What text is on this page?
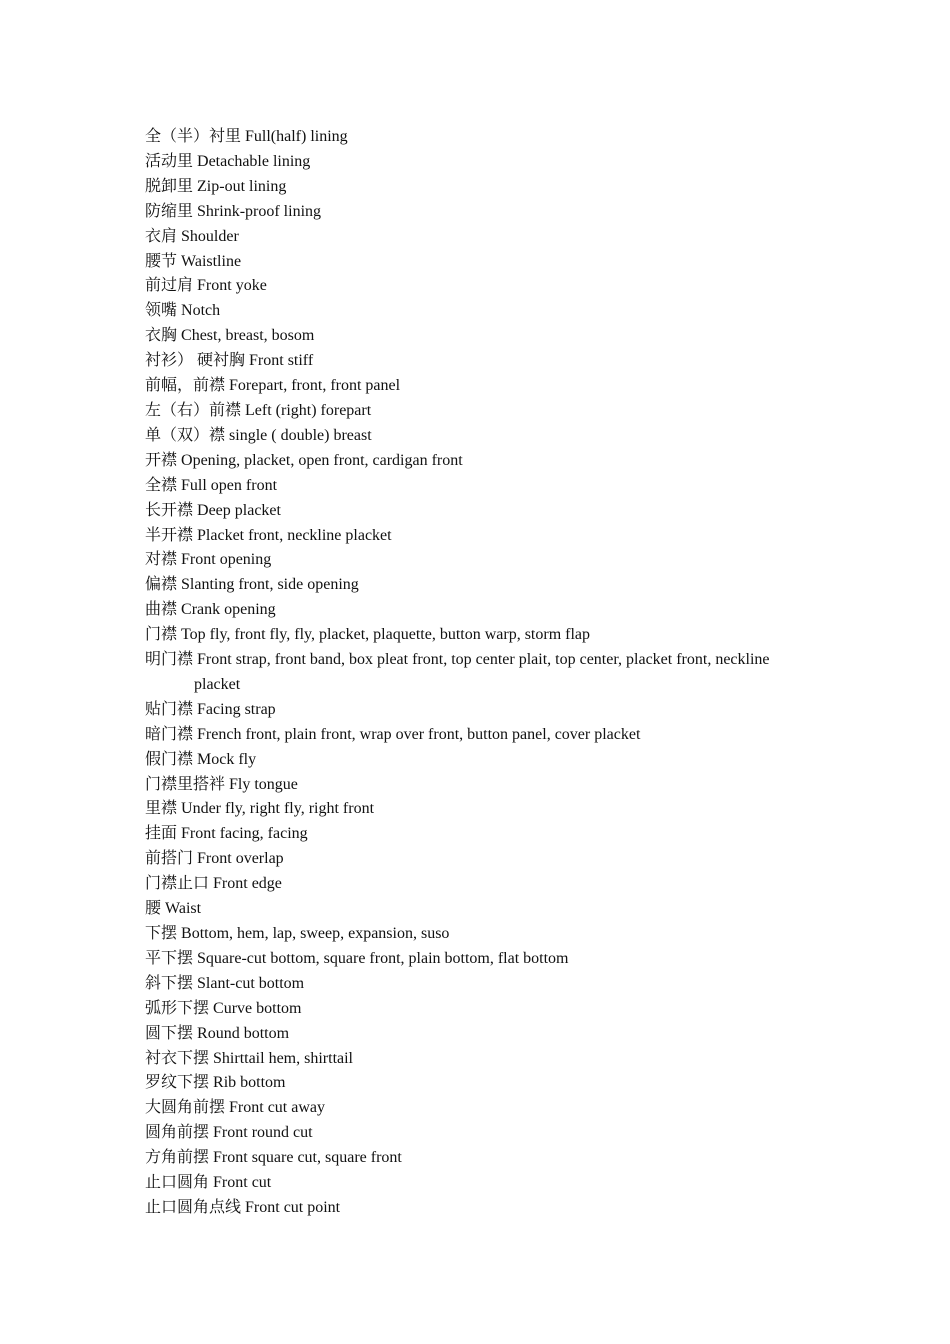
全（半）衬里 Full(half) lining
活动里 Detachable lining
脱卸里 Zip-out lining
防缩里 Shrink-proof lining
衣肩 Shoulder
腰节 Waistline
前过肩 Front yoke
领嘴 Notch
衣胸 Chest, breast, bosom
衬衫） 硬衬胸 Front stiff
前幅，前襟 Forepart, front, front panel
左（右）前襟 Left (right) forepart
单（双）襟 single ( double) breast
开襟 Opening, placket, open front, cardigan front
全襟 Full open front
长开襟 Deep placket
半开襟 Placket front, neckline placket
对襟 Front opening
偏襟 Slanting front, side opening
曲襟 Crank opening
门襟 Top fly, front fly, fly, placket, plaquette, button warp, storm flap
明门襟 Front strap, front band, box pleat front, top center plait, top center, placket front, neckline placket
贴门襟 Facing strap
暗门襟 French front, plain front, wrap over front, button panel, cover placket
假门襟 Mock fly
门襟里搭袢 Fly tongue
里襟 Under fly, right fly, right front
挂面 Front facing, facing
前搭门 Front overlap
门襟止口 Front edge
腰 Waist
下摆 Bottom, hem, lap, sweep, expansion, suso
平下摆 Square-cut bottom, square front, plain bottom, flat bottom
斜下摆 Slant-cut bottom
弧形下摆 Curve bottom
圆下摆 Round bottom
衬衣下摆 Shirttail hem, shirttail
罗纹下摆 Rib bottom
大圆角前摆 Front cut away
圆角前摆 Front round cut
方角前摆 Front square cut, square front
止口圆角 Front cut
止口圆角点线 Front cut point
